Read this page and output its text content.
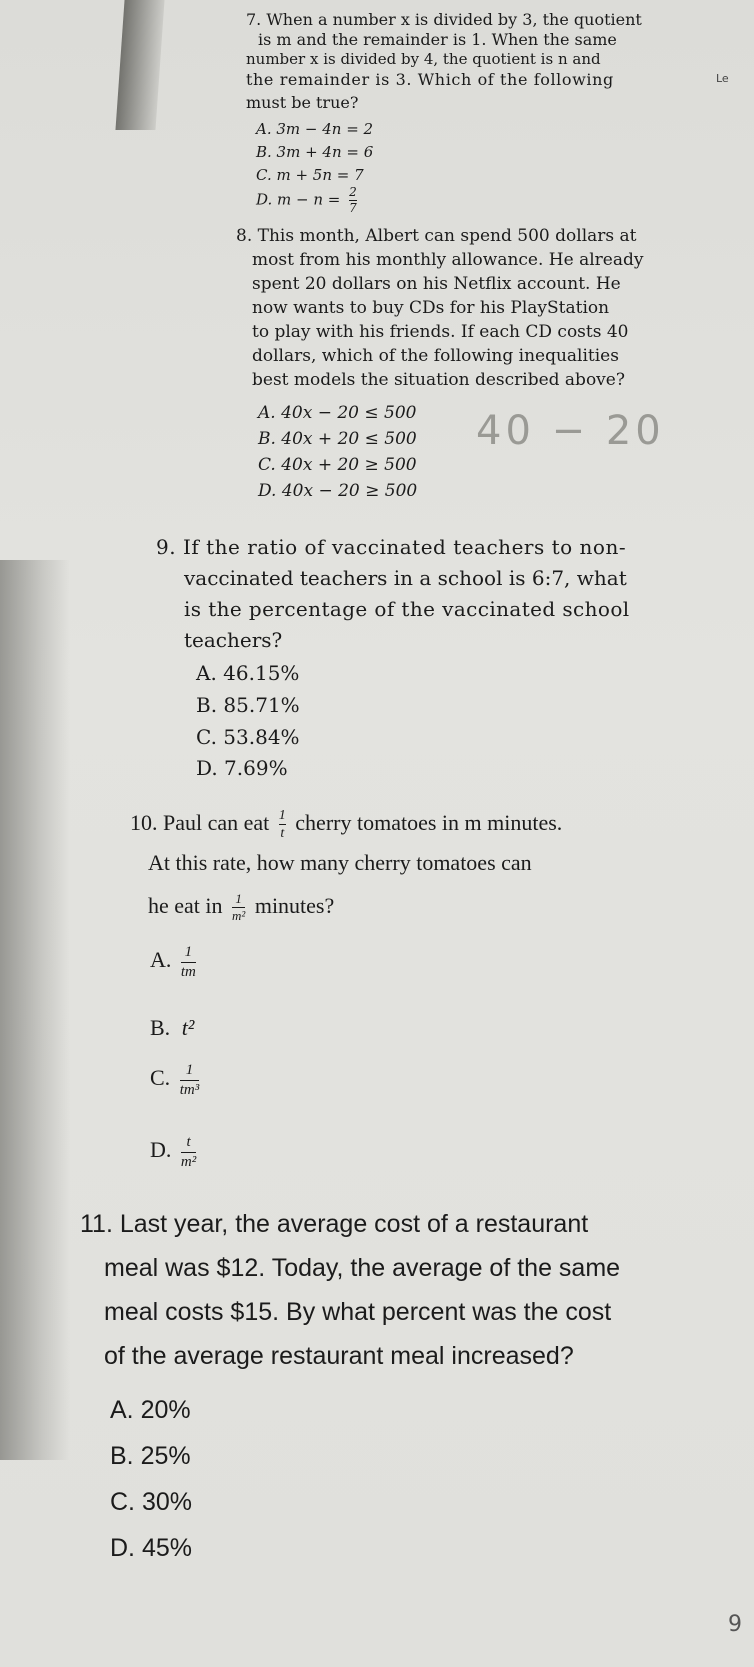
Le
7. When a number x is divided by 3, the quotient
is m and the remainder is 1. When the same
number x is divided by 4, the quotient is n and
the remainder is 3. Which of the following
must be true?
A. 3m − 4n = 2
B. 3m + 4n = 6
C. m + 5n = 7
D. $m - n = \frac{2}{7}$
8. This month, Albert can spend 500 dollars at
most from his monthly allowance. He already
spent 20 dollars on his Netflix account. He
now wants to buy CDs for his PlayStation
to play with his friends. If each CD costs 40
dollars, which of the following inequalities
best models the situation described above?
A. 40x − 20 ≤ 500
B. 40x + 20 ≤ 500
C. 40x + 20 ≥ 500
D. 40x − 20 ≥ 500
40 − 20
9. If the ratio of vaccinated teachers to non-
vaccinated teachers in a school is 6:7, what
is the percentage of the vaccinated school
teachers?
A. 46.15%
B. 85.71%
C. 53.84%
D. 7.69%
10. Paul can eat $\frac{1}{t}$ cherry tomatoes in m minutes.
At this rate, how many cherry tomatoes can
he eat in $\frac{1}{\text{m²}}$ minutes?
A. $\frac{1}{tm}$
B. t²
C. $\frac{1}{\text{tm³}}$
D. $\frac{t}{\text{m²}}$
11. Last year, the average cost of a restaurant
meal was $12. Today, the average of the same
meal costs $15. By what percent was the cost
of the average restaurant meal increased?
A. 20%
B. 25%
C. 30%
D. 45%
9
